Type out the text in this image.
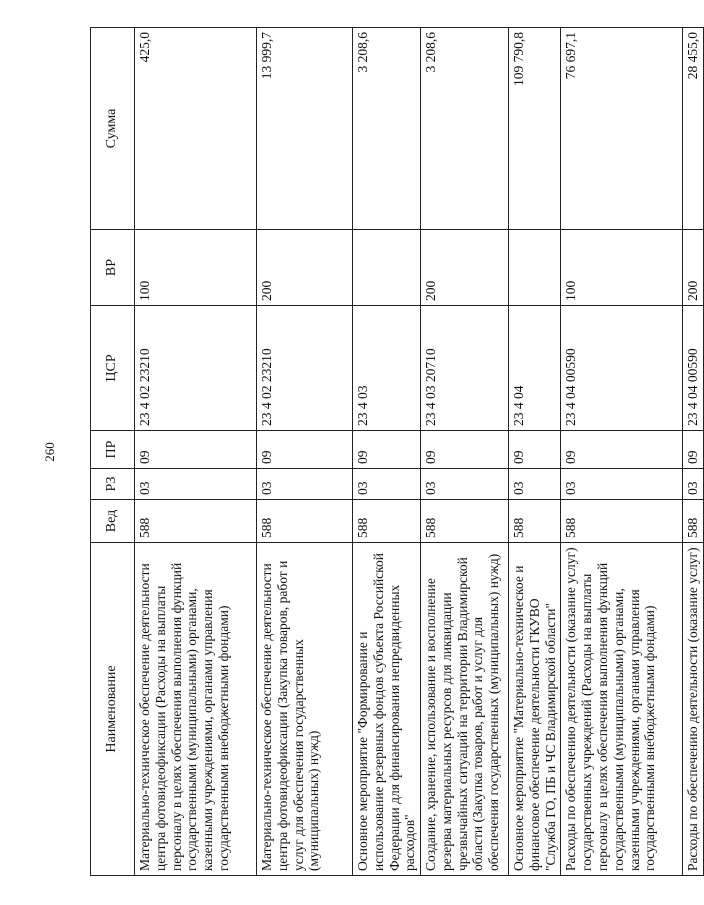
260
Наименование	Вед	РЗ	ПР	ЦСР	ВР	Сумма
Материально-техническое обеспечение деятельности центра фотовидеофиксации (Расходы на выплаты персоналу в целях обеспечения выполнения функций государственными (муниципальными) органами, казенными учреждениями, органами управления государственными внебюджетными фондами)	588	03	09	23 4 02 23210	100	425,0
Материально-техническое обеспечение деятельности центра фотовидеофиксации (Закупка товаров, работ и услуг для обеспечения государственных (муниципальных) нужд)	588	03	09	23 4 02 23210	200	13 999,7
Основное мероприятие "Формирование и использование резервных фондов субъекта Российской Федерации для финансирования непредвиденных расходов"	588	03	09	23 4 03		3 208,6
Создание, хранение, использование и восполнение резерва материальных ресурсов для ликвидации чрезвычайных ситуаций на территории Владимирской области (Закупка товаров, работ и услуг для обеспечения государственных (муниципальных) нужд)	588	03	09	23 4 03 20710	200	3 208,6
Основное мероприятие "Материально-техническое и финансовое обеспечение деятельности ГКУВО "Служба ГО, ПБ и ЧС Владимирской области"	588	03	09	23 4 04		109 790,8
Расходы по обеспечению деятельности (оказание услуг) государственных учреждений (Расходы на выплаты персоналу в целях обеспечения выполнения функций государственными (муниципальными) органами, казенными учреждениями, органами управления государственными внебюджетными фондами)	588	03	09	23 4 04 00590	100	76 697,1
Расходы по обеспечению деятельности (оказание услуг)	588	03	09	23 4 04 00590	200	28 455,0
